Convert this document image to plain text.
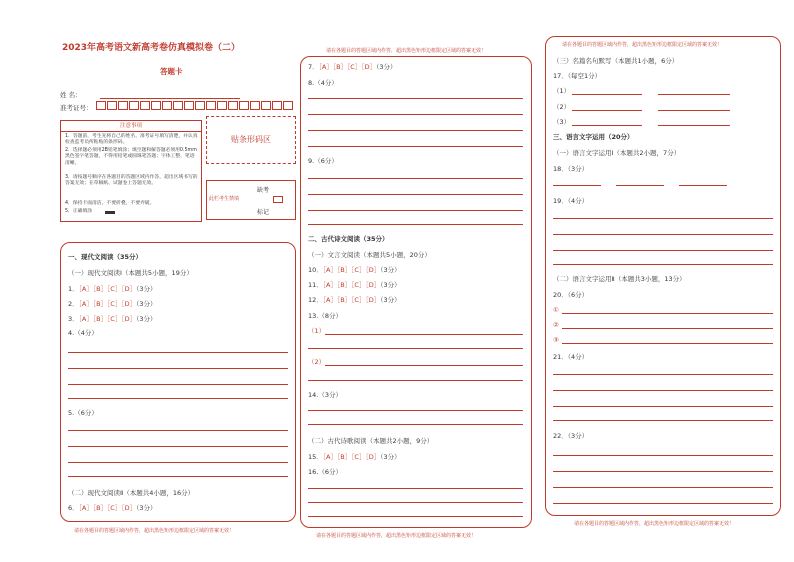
2023年高考语文新高考卷仿真模拟卷（二）
答题卡
姓 名：
准考证号：
注意事项
1．答题前，考生先将自己的姓名、准考证号填写清楚，并认真检查监考员所粘贴的条形码。
2．选择题必须用2B铅笔填涂；填空题和解答题必须用0.5mm黑色签字笔答题，不得用铅笔或圆珠笔答题；字体工整、笔迹清晰。
3．请按题号顺序在各题目的答题区域内作答，超出区域书写的答案无效；在草稿纸、试题卷上答题无效。
4．保持卡面清洁，不要折叠，不要弄破。
5．正确填涂
贴条形码区
此栏考生禁填
缺考
标记
一、现代文阅读（35分）
（一）现代文阅读Ⅰ（本题共5小题，19分）
1．［A］［B］［C］［D］（3分）
2．［A］［B］［C］［D］（3分）
3．［A］［B］［C］［D］（3分）
4.（4分）
5.（6分）
（二）现代文阅读Ⅱ（本题共4小题，16分）
6．［A］［B］［C］［D］（3分）
请在各题目的答题区域内作答，超出黑色矩形边框限定区域的答案无效！
请在各题目的答题区域内作答，超出黑色矩形边框限定区域的答案无效！
7．［A］［B］［C］［D］（3分）
8.（4分）
9.（6分）
二、古代诗文阅读（35分）
（一）文言文阅读（本题共5小题，20分）
10．［A］［B］［C］［D］（3分）
11．［A］［B］［C］［D］（3分）
12．［A］［B］［C］［D］（3分）
13.（8分）
（1）
（2）
14.（3分）
（二）古代诗歌阅读（本题共2小题，9分）
15．［A］［B］［C］［D］（3分）
16.（6分）
请在各题目的答题区域内作答，超出黑色矩形边框限定区域的答案无效！
请在各题目的答题区域内作答，超出黑色矩形边框限定区域的答案无效！
（三）名篇名句默写（本题共1小题，6分）
17．（每空1分）
（1）
（2）
（3）
三、语言文字运用（20分）
（一）语言文字运用Ⅰ（本题共2小题，7分）
18．（3分）
19．（4分）
（二）语言文字运用Ⅱ（本题共3小题，13分）
20．（6分）
①
②
③
21．（4分）
22．（3分）
请在各题目的答题区域内作答，超出黑色矩形边框限定区域的答案无效！
